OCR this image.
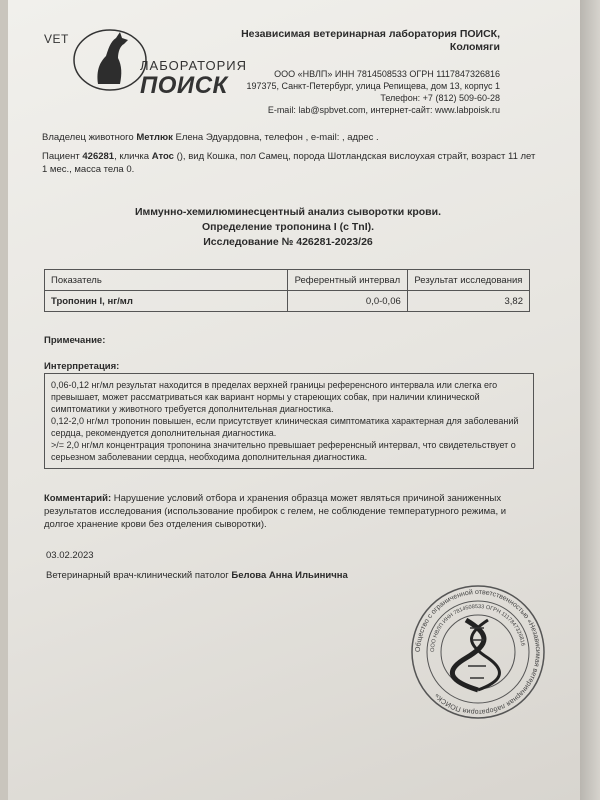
VET
ЛАБОРАТОРИЯ
ПОИСК
Независимая ветеринарная лаборатория ПОИСК,
Коломяги
ООО «НВЛП» ИНН 7814508533 ОГРН 1117847326816
197375, Санкт-Петербург, улица Репищева, дом 13, корпус 1
Телефон: +7 (812) 509-60-28
E-mail: lab@spbvet.com, интернет-сайт: www.labpoisk.ru
Владелец животного Метлюк Елена Эдуардовна, телефон , e-mail: , адрес .
Пациент 426281, кличка Атос (), вид Кошка, пол Самец, порода Шотландская вислоухая страйт, возраст 11 лет 1 мес., масса тела 0.
Иммунно-хемилюминесцентный анализ сыворотки крови.
Определение тропонина I (с TnI).
Исследование № 426281-2023/26
Показатель	Референтный интервал	Результат исследования
Тропонин I, нг/мл	0,0-0,06	3,82
Примечание:
Интерпретация:

0,06-0,12 нг/мл результат находится в пределах верхней границы референсного интервала или слегка его превышает, может рассматриваться как вариант нормы у стареющих собак, при наличии клинической симптоматики у животного требуется дополнительная диагностика.

0,12-2,0 нг/мл тропонин повышен, если присутствует клиническая симптоматика характерная для заболеваний сердца, рекомендуется дополнительная диагностика.

>/= 2,0 нг/мл концентрация тропонина значительно превышает референсный интервал, что свидетельствует о серьезном заболевании сердца, необходима дополнительная диагностика.

Комментарий: Нарушение условий отбора и хранения образца может являться причиной заниженных результатов исследования (использование пробирок с гелем, не соблюдение температурного режима, и долгое хранение крови без отделения сыворотки).
03.02.2023
Ветеринарный врач-клинический патолог Белова Анна Ильинична
Общество с ограниченной ответственностью «Независимая ветеринарная лаборатория ПОИСК»
ООО НВЛП ИНН 7814508533 ОГРН 1117847326816
